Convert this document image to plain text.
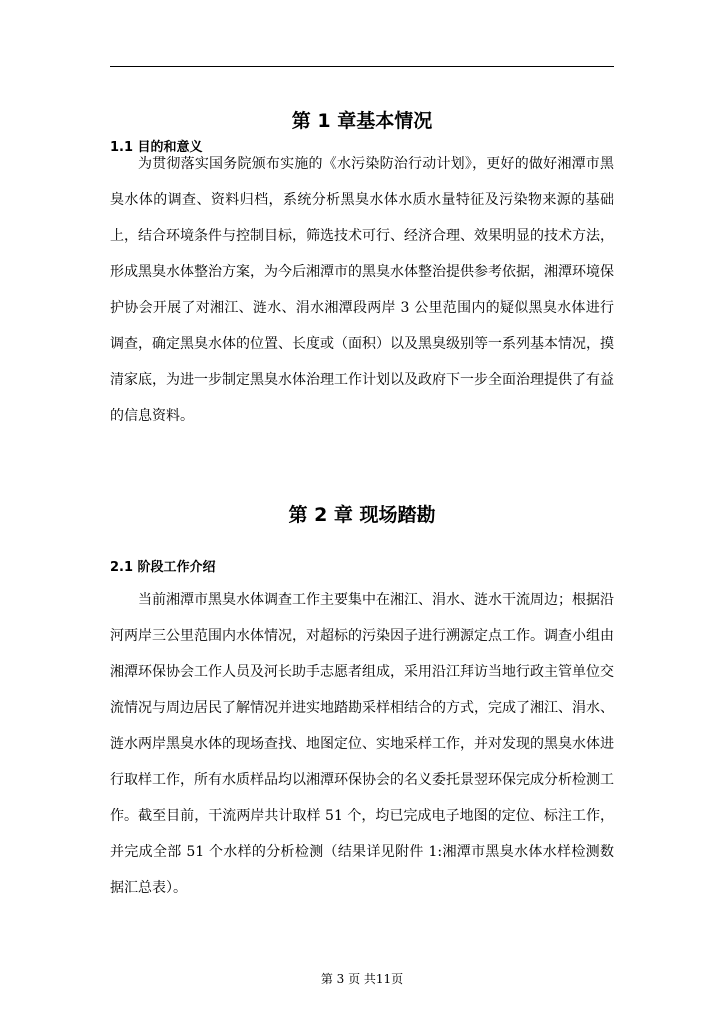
第 1 章基本情况
1.1 目的和意义

为贯彻落实国务院颁布实施的《水污染防治行动计划》，更好的做好湘潭市黑臭水体的调查、资料归档，系统分析黑臭水体水质水量特征及污染物来源的基础上，结合环境条件与控制目标，筛选技术可行、经济合理、效果明显的技术方法，形成黑臭水体整治方案，为今后湘潭市的黑臭水体整治提供参考依据，湘潭环境保护协会开展了对湘江、涟水、涓水湘潭段两岸 3 公里范围内的疑似黑臭水体进行调查，确定黑臭水体的位置、长度或（面积）以及黑臭级别等一系列基本情况，摸清家底，为进一步制定黑臭水体治理工作计划以及政府下一步全面治理提供了有益的信息资料。

第 2 章 现场踏勘
2.1 阶段工作介绍

当前湘潭市黑臭水体调查工作主要集中在湘江、涓水、涟水干流周边；根据沿河两岸三公里范围内水体情况，对超标的污染因子进行溯源定点工作。调查小组由湘潭环保协会工作人员及河长助手志愿者组成，采用沿江拜访当地行政主管单位交流情况与周边居民了解情况并进实地踏勘采样相结合的方式，完成了湘江、涓水、涟水两岸黑臭水体的现场查找、地图定位、实地采样工作，并对发现的黑臭水体进行取样工作，所有水质样品均以湘潭环保协会的名义委托景翌环保完成分析检测工作。截至目前，干流两岸共计取样 51 个，均已完成电子地图的定位、标注工作，并完成全部 51 个水样的分析检测（结果详见附件 1:湘潭市黑臭水体水样检测数据汇总表）。

第 3 页 共11页
